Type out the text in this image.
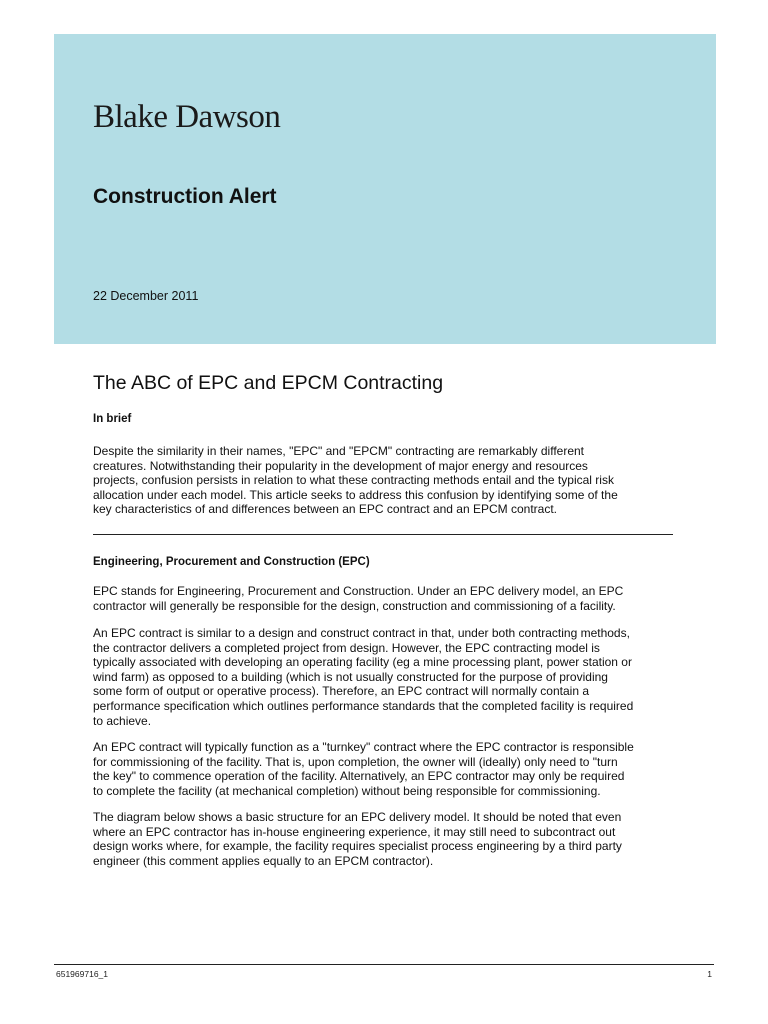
Blake Dawson
Construction Alert
22 December 2011
The ABC of EPC and EPCM Contracting
In brief
Despite the similarity in their names, "EPC" and "EPCM" contracting are remarkably different
creatures. Notwithstanding their popularity in the development of major energy and resources
projects, confusion persists in relation to what these contracting methods entail and the typical risk
allocation under each model. This article seeks to address this confusion by identifying some of the
key characteristics of and differences between an EPC contract and an EPCM contract.
Engineering, Procurement and Construction (EPC)
EPC stands for Engineering, Procurement and Construction. Under an EPC delivery model, an EPC
contractor will generally be responsible for the design, construction and commissioning of a facility.
An EPC contract is similar to a design and construct contract in that, under both contracting methods,
the contractor delivers a completed project from design. However, the EPC contracting model is
typically associated with developing an operating facility (eg a mine processing plant, power station or
wind farm) as opposed to a building (which is not usually constructed for the purpose of providing
some form of output or operative process). Therefore, an EPC contract will normally contain a
performance specification which outlines performance standards that the completed facility is required
to achieve.
An EPC contract will typically function as a "turnkey" contract where the EPC contractor is responsible
for commissioning of the facility. That is, upon completion, the owner will (ideally) only need to "turn
the key" to commence operation of the facility. Alternatively, an EPC contractor may only be required
to complete the facility (at mechanical completion) without being responsible for commissioning.
The diagram below shows a basic structure for an EPC delivery model. It should be noted that even
where an EPC contractor has in-house engineering experience, it may still need to subcontract out
design works where, for example, the facility requires specialist process engineering by a third party
engineer (this comment applies equally to an EPCM contractor).
651969716_1	1
